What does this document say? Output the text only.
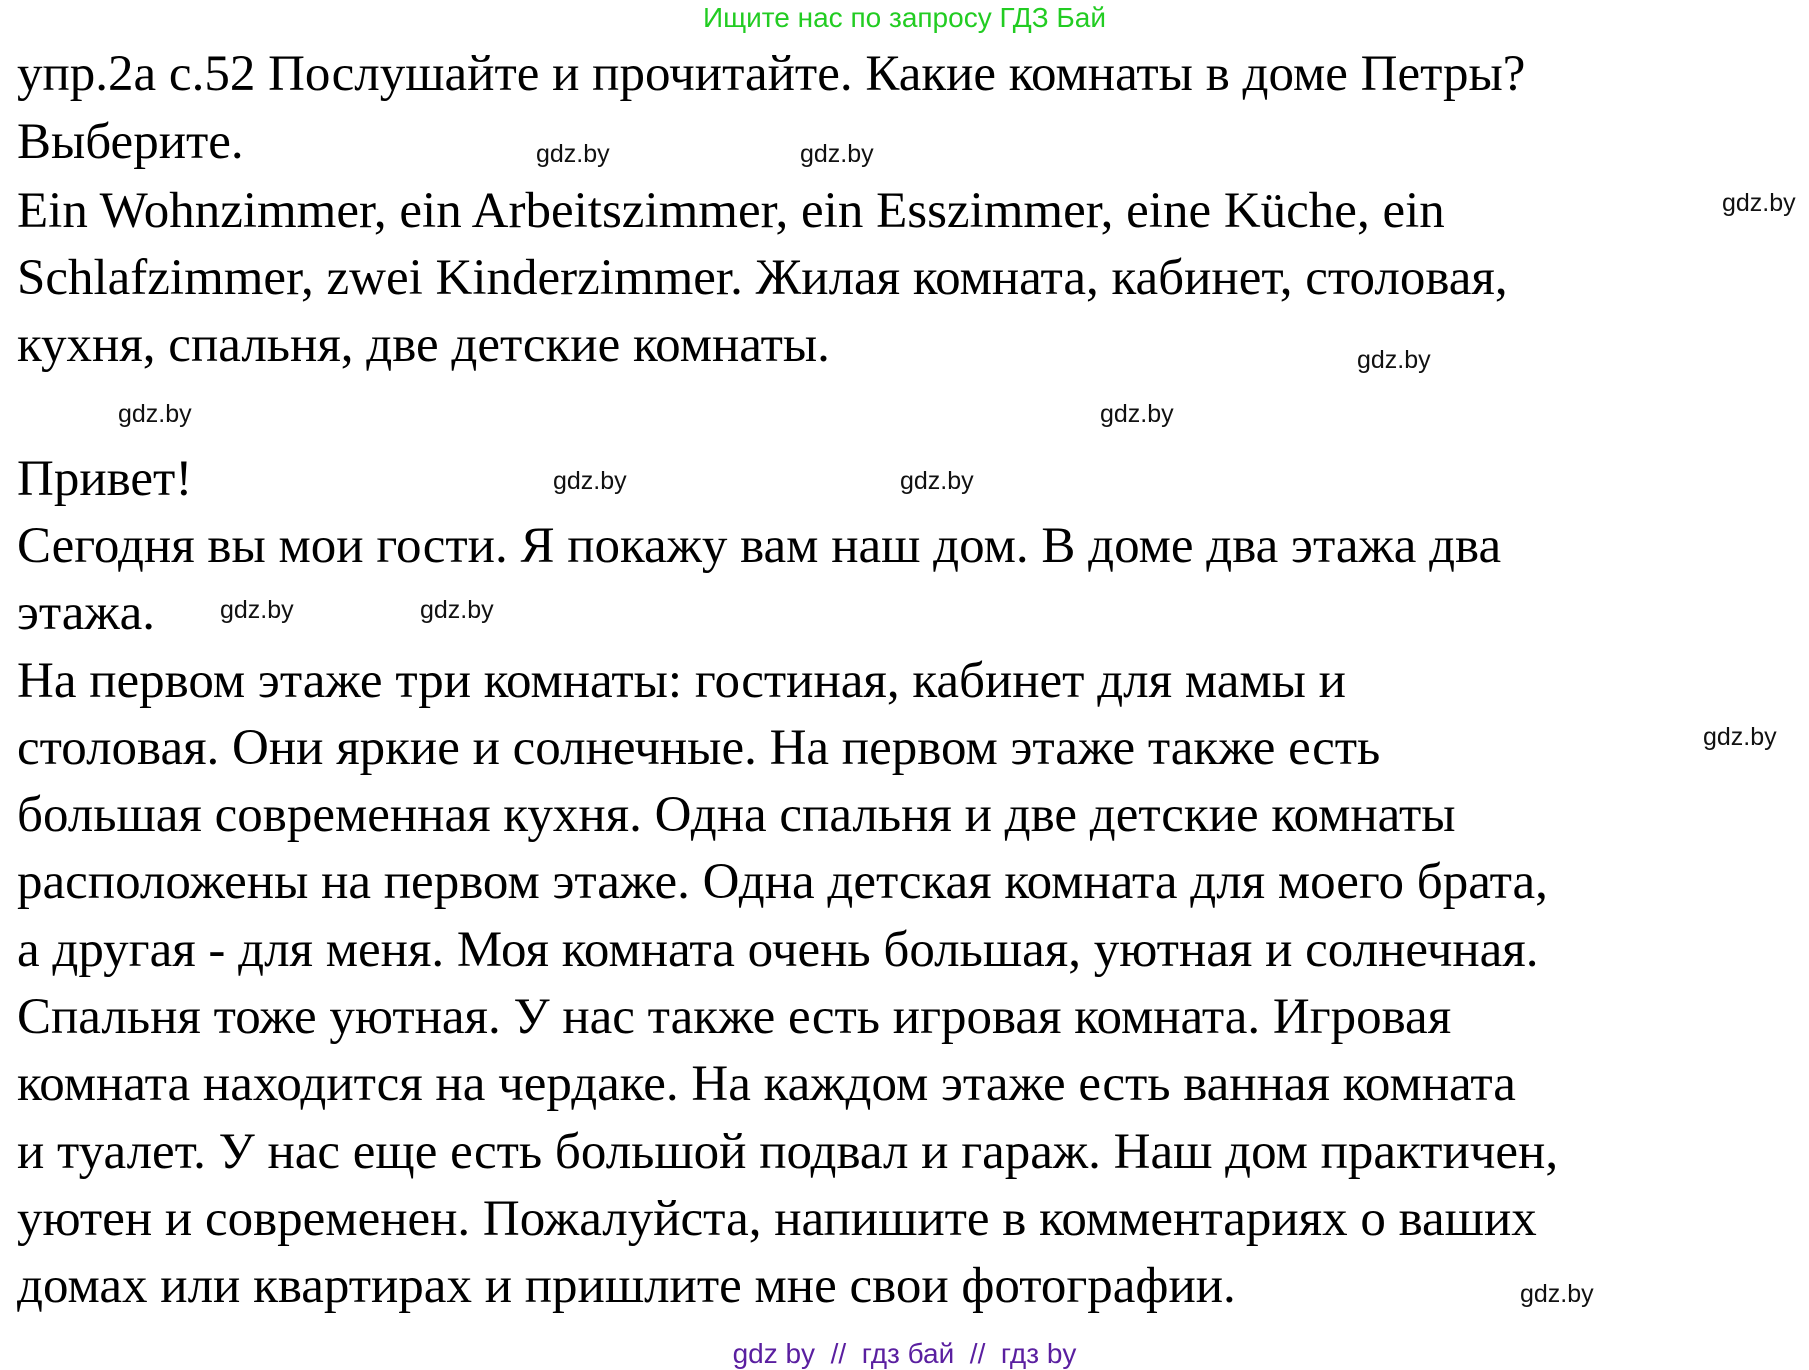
Ищите нас по запросу ГДЗ Бай
упр.2а с.52 Послушайте и прочитайте. Какие комнаты в доме Петры?
Выберите.
Ein Wohnzimmer, ein Arbeitszimmer, ein Esszimmer, eine Küche, ein
Schlafzimmer, zwei Kinderzimmer. Жилая комната, кабинет, столовая,
кухня, спальня, две детские комнаты.
Привет!
Сегодня вы мои гости. Я покажу вам наш дом. В доме два этажа два
этажа.
На первом этаже три комнаты: гостиная, кабинет для мамы и
столовая. Они яркие и солнечные. На первом этаже также есть
большая современная кухня. Одна спальня и две детские комнаты
расположены на первом этаже. Одна детская комната для моего брата,
а другая - для меня. Моя комната очень большая, уютная и солнечная.
Спальня тоже уютная. У нас также есть игровая комната. Игровая
комната находится на чердаке. На каждом этаже есть ванная комната
и туалет. У нас еще есть большой подвал и гараж. Наш дом практичен,
уютен и современен. Пожалуйста, напишите в комментариях о ваших
домах или квартирах и пришлите мне свои фотографии.
gdz.by	gdz.by
gdz.by
gdz.by
gdz.by	gdz.by
gdz.by	gdz.by
gdz.by	gdz.by
gdz.by
gdz.by
gdz by  //  гдз бай  //  гдз by
